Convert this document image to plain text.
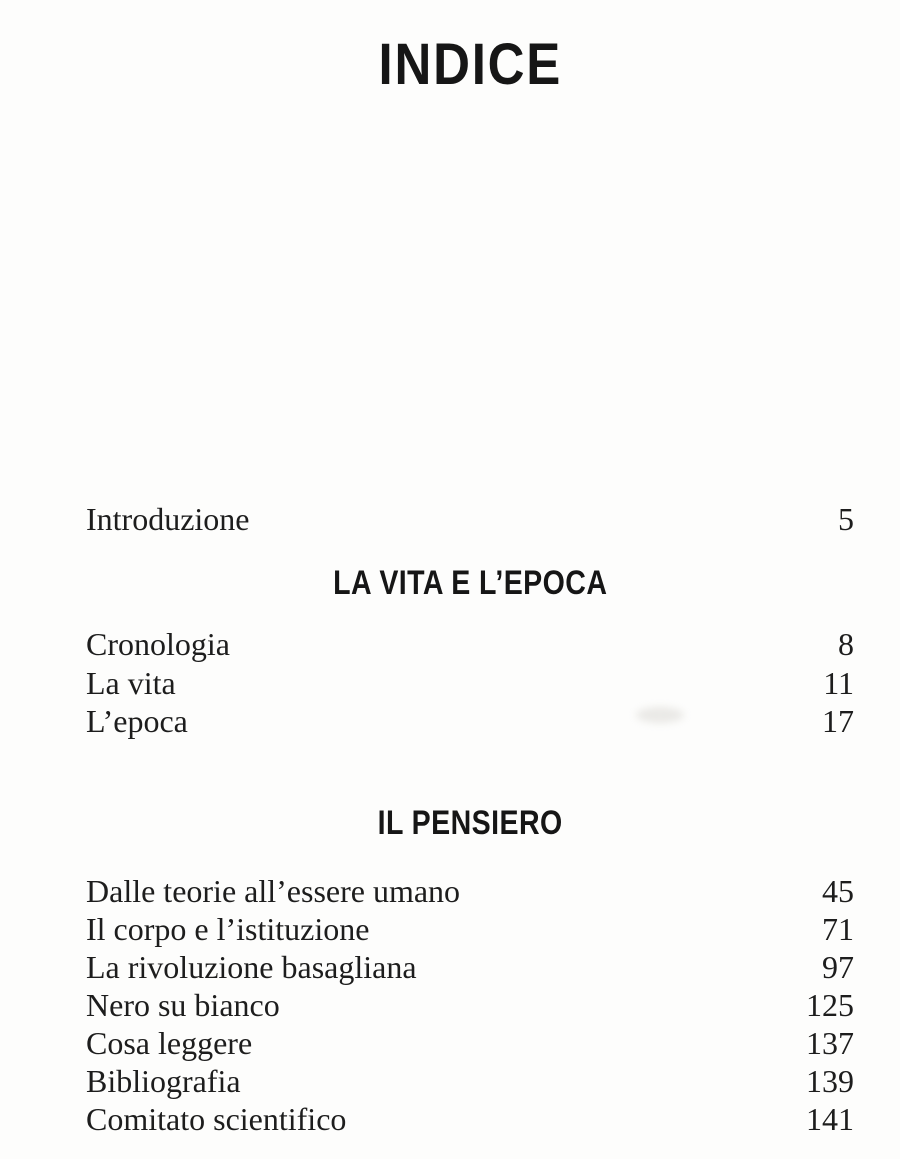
INDICE
Introduzione	5
LA VITA E L’EPOCA
Cronologia	8
La vita	11
L’epoca	17
IL PENSIERO
Dalle teorie all’essere umano	45
Il corpo e l’istituzione	71
La rivoluzione basagliana	97
Nero su bianco	125
Cosa leggere	137
Bibliografia	139
Comitato scientifico	141
